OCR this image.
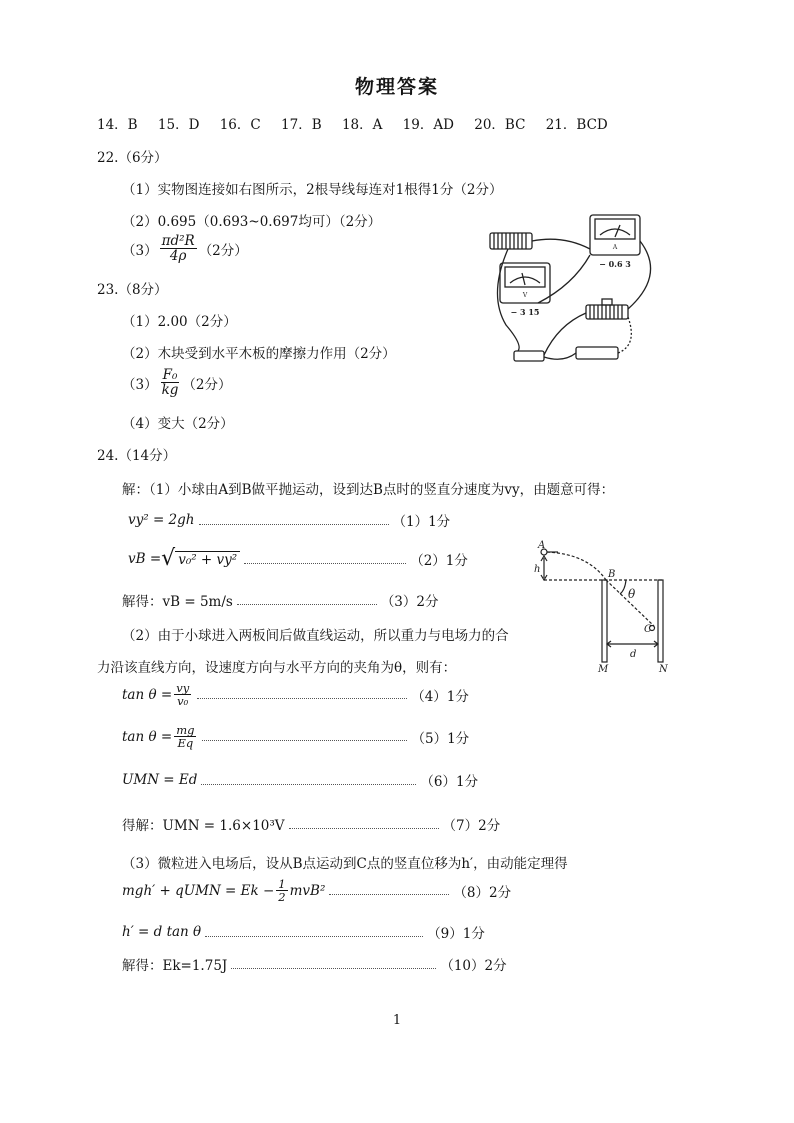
物理答案
14．B 15．D 16．C 17．B 18．A 19．AD 20．BC 21．BCD
22.（6分）
（1）实物图连接如右图所示，2根导线每连对1根得1分（2分）
（2）0.695（0.693~0.697均可）（2分）
$(3) \frac{\text{πd²R}}{4\rho} (2$分）	A
V
− 0.6 3
− 3 15
23.（8分）
（1）2.00（2分）
（2）木块受到水平木板的摩擦力作用（2分）
$(3) \frac{\text{F₀}}{kg} (2$分）
（4）变大（2分）
24.（14分）
解：（1）小球由A到B做平抛运动，设到达B点时的竖直分速度为vy，由题意可得：
vy² = 2gh	（1）1分
vB = √ v₀² + vy²	（2）1分
解得：vB = 5m/s	（3）2分
（2）由于小球进入两板间后做直线运动，所以重力与电场力的合
力沿该直线方向，设速度方向与水平方向的夹角为θ，则有：
$\tan \theta = \frac{vy}{\text{v₀}}$	（4）1分
$\tan \theta = \frac{mg}{Eq}$	（5）1分
UMN = Ed	（6）1分
得解：UMN = 1.6×10³V	（7）2分
（3）微粒进入电场后，设从B点运动到C点的竖直位移为h′，由动能定理得
mgh′ + qUMN = $Ek - \frac{1}{2} mvB^2$	（8）2分
h′ = d tan θ	（9）1分
解得：Ek=1.75J	（10）2分
A
h	B
θ
C
M	N
d
1
